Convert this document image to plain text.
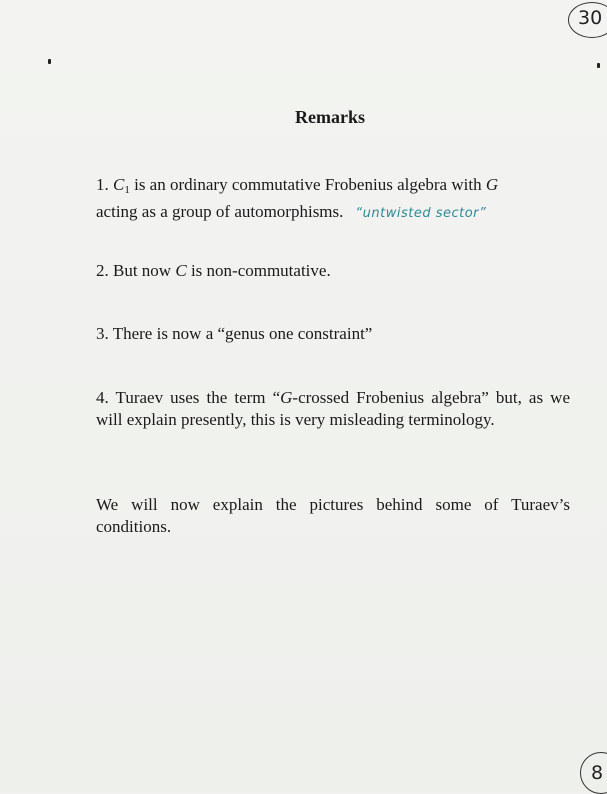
30
Remarks
1. $C_1$ is an ordinary commutative Frobenius algebra with G
acting as a group of automorphisms. “untwisted sector”
2. But now C is non-commutative.
3. There is now a “genus one constraint”
4. Turaev uses the term “G-crossed Frobenius algebra” but, as we will explain presently, this is very misleading terminology.
We will now explain the pictures behind some of Turaev’s conditions.
8
